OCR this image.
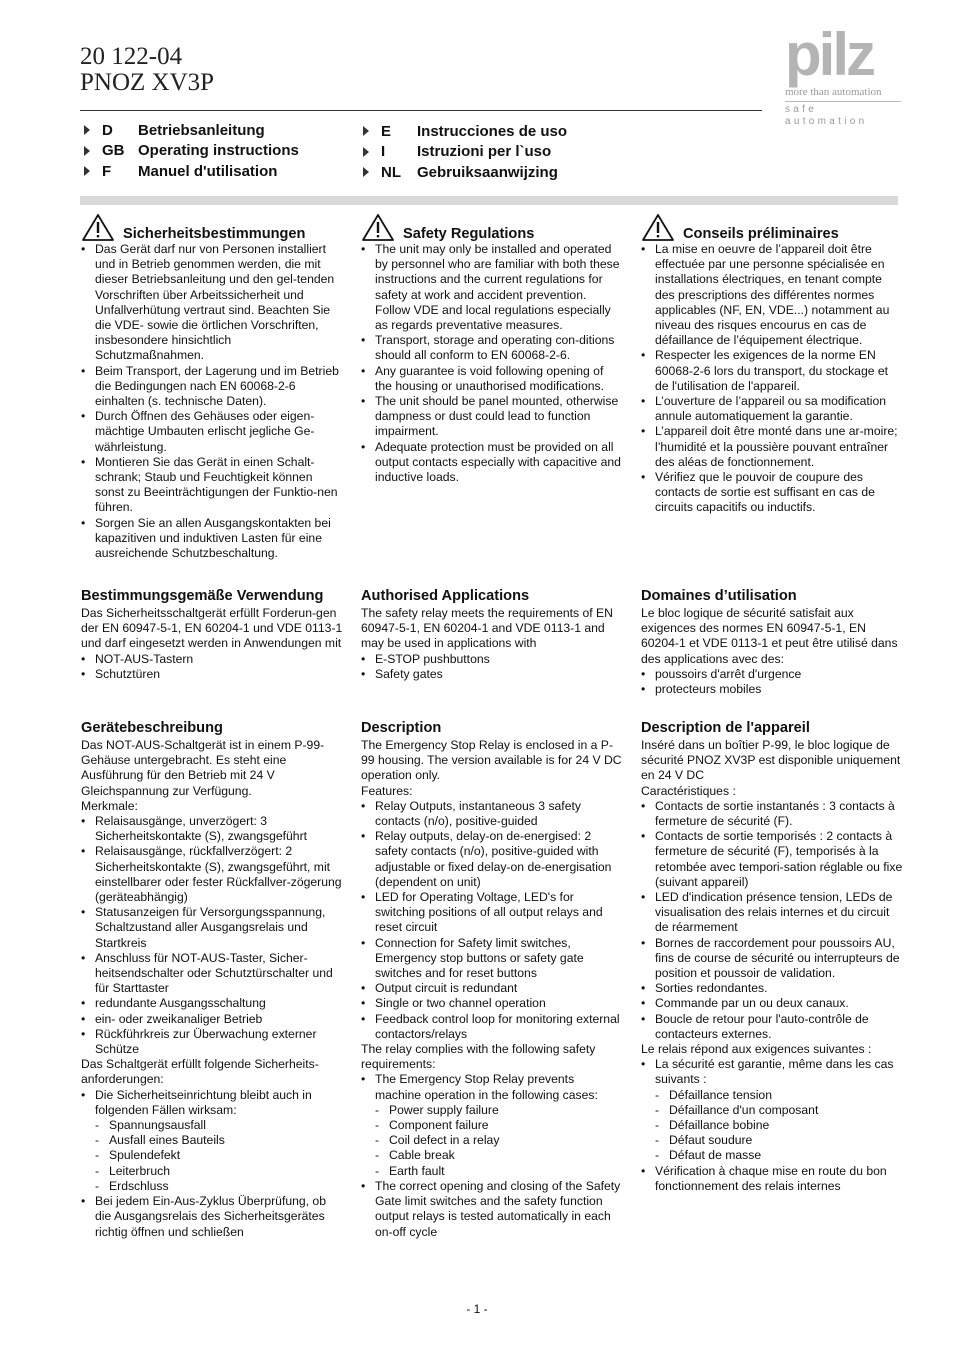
20 122-04
PNOZ XV3P	pilz
more than automation
safe automation
D	Betriebsanleitung
GB Operating instructions
F	Manuel d'utilisation
E	Instrucciones de uso
I	Istruzioni per l`uso
NL	Gebruiksaanwijzing
Sicherheitsbestimmungen
• Das Gerät darf nur von Personen installiert und in Betrieb genommen werden, die mit dieser Betriebsanleitung und den gel-tenden Vorschriften über Arbeitssicherheit und Unfallverhütung vertraut sind. Beachten Sie die VDE- sowie die örtlichen Vorschriften, insbesondere hinsichtlich Schutzmaßnahmen.
• Beim Transport, der Lagerung und im Betrieb die Bedingungen nach EN 60068-2-6 einhalten (s. technische Daten).
• Durch Öffnen des Gehäuses oder eigen-mächtige Umbauten erlischt jegliche Ge-währleistung.
• Montieren Sie das Gerät in einen Schalt-schrank; Staub und Feuchtigkeit können sonst zu Beeinträchtigungen der Funktio-nen führen.
• Sorgen Sie an allen Ausgangskontakten bei kapazitiven und induktiven Lasten für eine ausreichende Schutzbeschaltung.
Safety Regulations
• The unit may only be installed and operated by personnel who are familiar with both these instructions and the current regulations for safety at work and accident prevention. Follow VDE and local regulations especially as regards preventative measures.
• Transport, storage and operating con-ditions should all conform to EN 60068-2-6.
• Any guarantee is void following opening of the housing or unauthorised modifications.
• The unit should be panel mounted, otherwise dampness or dust could lead to function impairment.
• Adequate protection must be provided on all output contacts especially with capacitive and inductive loads.
Conseils préliminaires
• La mise en oeuvre de l’appareil doit être effectuée par une personne spécialisée en installations électriques, en tenant compte des prescriptions des différentes normes applicables (NF, EN, VDE...) notamment au niveau des risques encourus en cas de défaillance de l’équipement électrique.
• Respecter les exigences de la norme EN 60068-2-6 lors du transport, du stockage et de l'utilisation de l'appareil.
• L’ouverture de l’appareil ou sa modification annule automatiquement la garantie.
• L’appareil doit être monté dans une ar-moire; l’humidité et la poussière pouvant entraîner des aléas de fonctionnement.
• Vérifiez que le pouvoir de coupure des contacts de sortie est suffisant en cas de circuits capacitifs ou inductifs.
Bestimmungsgemäße Verwendung

Das Sicherheitsschaltgerät erfüllt Forderun-gen der EN 60947-5-1, EN 60204-1 und VDE 0113-1 und darf eingesetzt werden in Anwendungen mit

• NOT-AUS-Tastern
• Schutztüren
Authorised Applications

The safety relay meets the requirements of EN 60947-5-1, EN 60204-1 and VDE 0113-1 and may be used in applications with

• E-STOP pushbuttons
• Safety gates
Domaines d’utilisation

Le bloc logique de sécurité satisfait aux exigences des normes EN 60947-5-1, EN 60204-1 et VDE 0113-1 et peut être utilisé dans des applications avec des:

• poussoirs d'arrêt d'urgence
• protecteurs mobiles
Gerätebeschreibung

Das NOT-AUS-Schaltgerät ist in einem P-99-Gehäuse untergebracht. Es steht eine Ausführung für den Betrieb mit 24 V Gleichspannung zur Verfügung.

Merkmale:

• Relaisausgänge, unverzögert: 3 Sicherheitskontakte (S), zwangsgeführt
• Relaisausgänge, rückfallverzögert: 2 Sicherheitskontakte (S), zwangsgeführt, mit einstellbarer oder fester Rückfallver-zögerung (geräteabhängig)
• Statusanzeigen für Versorgungsspannung, Schaltzustand aller Ausgangsrelais und Startkreis
• Anschluss für NOT-AUS-Taster, Sicher-heitsendschalter oder Schutztürschalter und für Starttaster
• redundante Ausgangsschaltung
• ein- oder zweikanaliger Betrieb
• Rückführkreis zur Überwachung externer Schütze

Das Schaltgerät erfüllt folgende Sicherheits-anforderungen:

• Die Sicherheitseinrichtung bleibt auch in folgenden Fällen wirksam:
- Spannungsausfall
- Ausfall eines Bauteils
- Spulendefekt
- Leiterbruch
- Erdschluss
• Bei jedem Ein-Aus-Zyklus Überprüfung, ob die Ausgangsrelais des Sicherheitsgerätes richtig öffnen und schließen
Description

The Emergency Stop Relay is enclosed in a P-99 housing. The version available is for 24 V DC operation only.

Features:

• Relay Outputs, instantaneous 3 safety contacts (n/o), positive-guided
• Relay outputs, delay-on de-energised: 2 safety contacts (n/o), positive-guided with adjustable or fixed delay-on de-energisation (dependent on unit)
• LED for Operating Voltage, LED's for switching positions of all output relays and reset circuit
• Connection for Safety limit switches, Emergency stop buttons or safety gate switches and for reset buttons
• Output circuit is redundant
• Single or two channel operation
• Feedback control loop for monitoring external contactors/relays

The relay complies with the following safety requirements:

• The Emergency Stop Relay prevents machine operation in the following cases:
- Power supply failure
- Component failure
- Coil defect in a relay
- Cable break
- Earth fault
• The correct opening and closing of the Safety Gate limit switches and the safety function output relays is tested automatically in each on-off cycle
Description de l'appareil

Inséré dans un boîtier P-99, le bloc logique de sécurité PNOZ XV3P est disponible uniquement en 24 V DC

Caractéristiques :

• Contacts de sortie instantanés : 3 contacts à fermeture de sécurité (F).
• Contacts de sortie temporisés : 2 contacts à fermeture de sécurité (F), temporisés à la retombée avec tempori-sation réglable ou fixe (suivant appareil)
• LED d'indication présence tension, LEDs de visualisation des relais internes et du circuit de réarmement
• Bornes de raccordement pour poussoirs AU, fins de course de sécurité ou interrupteurs de position et poussoir de validation.
• Sorties redondantes.
• Commande par un ou deux canaux.
• Boucle de retour pour l'auto-contrôle de contacteurs externes.

Le relais répond aux exigences suivantes :

• La sécurité est garantie, même dans les cas suivants :
- Défaillance tension
- Défaillance d'un composant
- Défaillance bobine
- Défaut soudure
- Défaut de masse
• Vérification à chaque mise en route du bon fonctionnement des relais internes
- 1 -
